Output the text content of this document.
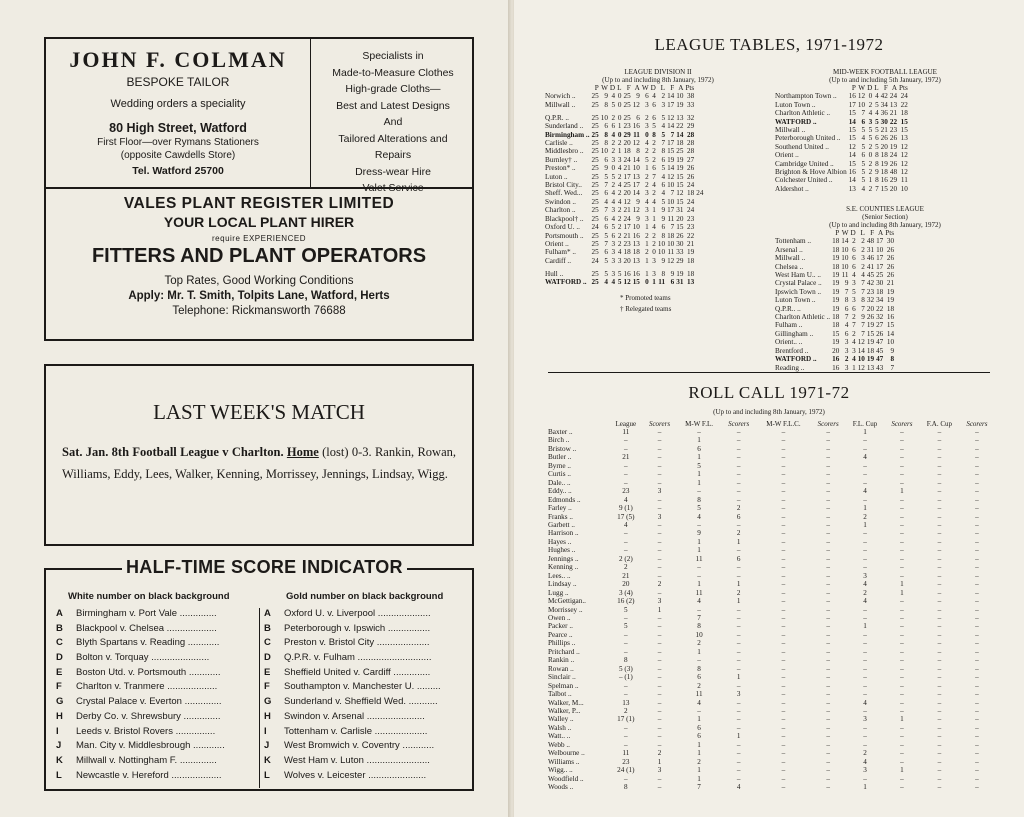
JOHN F. COLMAN
BESPOKE TAILOR
Wedding orders a speciality
80 High Street, Watford
First Floor—over Rymans Stationers
(opposite Cawdells Store)
Tel. Watford 25700
Specialists in
Made-to-Measure Clothes
High-grade Cloths—
Best and Latest Designs
And
Tailored Alterations and
Repairs
Dress-wear Hire
Valet Service
VALES PLANT REGISTER LIMITED
YOUR LOCAL PLANT HIRER
require EXPERIENCED
FITTERS AND PLANT OPERATORS
Top Rates, Good Working Conditions
Apply: Mr. T. Smith, Tolpits Lane, Watford, Herts
Telephone: Rickmansworth 76688
LAST WEEK'S MATCH
Sat. Jan. 8th Football League v Charlton. Home (lost) 0-3. Rankin, Rowan, Williams, Eddy, Lees, Walker, Kenning, Morrissey, Jennings, Lindsay, Wigg.
HALF-TIME SCORE INDICATOR
White number on black background	Gold number on black background
A Birmingham v. Port Vale ..............
B Blackpool v. Chelsea ...................
C Blyth Spartans v. Reading ............
D Bolton v. Torquay ......................
E Boston Utd. v. Portsmouth ............
F Charlton v. Tranmere ...................
G Crystal Palace v. Everton ..............
H Derby Co. v. Shrewsbury ..............
I Leeds v. Bristol Rovers ...............
J Man. City v. Middlesbrough ............
K Millwall v. Nottingham F. ..............
L Newcastle v. Hereford ...................
A Oxford U. v. Liverpool ....................
B Peterborough v. Ipswich ................
C Preston v. Bristol City ....................
D Q.P.R. v. Fulham ............................
E Sheffield United v. Cardiff ..............
F Southampton v. Manchester U. .........
G Sunderland v. Sheffield Wed. ...........
H Swindon v. Arsenal ......................
I Tottenham v. Carlisle ....................
J West Bromwich v. Coventry ............
K West Ham v. Luton ........................
L Wolves v. Leicester ......................
LEAGUE TABLES, 1971-1972
LEAGUE DIVISION II
(Up to and including 8th January, 1972)
	P	W	D	L	F	A	W	D	L	F	A	Pts	
Norwich ..	25	9	4	0	25	9	6	4	2	14	10	38	
Millwall ..	25	8	5	0	25	12	3	6	3	17	19	33	
Q.P.R. ..	25	10	2	0	25	6	2	6	5	12	13	32	
Sunderland ..	25	6	6	1	23	16	3	5	4	14	22	29	
Birmingham ..	25	8	4	0	29	11	0	8	5	7	14	28	
Carlisle ..	25	8	2	2	20	12	4	2	7	17	18	28	
Middlesbro ..	25	10	2	1	18	8	2	2	8	15	25	28	
Burnley† ..	25	6	3	3	24	14	5	2	6	19	19	27	
Preston* ..	25	9	0	4	21	10	1	6	5	14	19	26	
Luton ..	25	5	5	2	17	13	2	7	4	12	15	26	
Bristol City..	25	7	2	4	25	17	2	4	6	10	15	24	
Sheff. Wed...	25	6	4	2	20	14	3	2	4	7	12	18	24
Swindon ..	25	4	4	4	12	9	4	4	5	10	15	24	
Charlton ..	25	7	3	2	21	12	3	1	9	17	31	24	
Blackpool† ..	25	6	4	2	24	9	3	1	9	11	20	23	
Oxford U. ..	24	6	5	2	17	10	1	4	6	7	15	23	
Portsmouth ..	25	5	6	2	21	16	2	2	8	18	26	22	
Orient ..	25	7	3	2	23	13	1	2	10	10	30	21	
Fulham* ..	25	6	3	4	18	18	2	0	10	11	33	19	
Cardiff ..	24	5	3	3	20	13	1	3	9	12	29	18	
Hull ..	25	5	3	5	16	16	1	3	8	9	19	18	
WATFORD ..	25	4	4	5	12	15	0	1	11	6	31	13	
* Promoted teams
† Relegated teams
MID-WEEK FOOTBALL LEAGUE
(Up to and including 5th January, 1972)
	P	W	D	L	F	A	Pts
Northampton Town ..	16	12	0	4	42	24	24
Luton Town ..	17	10	2	5	34	13	22
Charlton Athletic ..	15	7	4	4	36	21	18
WATFORD ..	14	6	3	5	30	22	15
Millwall ..	15	5	5	5	21	23	15
Peterborough United ..	15	4	5	6	26	26	13
Southend United ..	12	5	2	5	20	19	12
Orient ..	14	6	0	8	18	24	12
Cambridge United ..	15	5	2	8	19	26	12
Brighton & Hove Albion	16	5	2	9	18	48	12
Colchester United ..	14	5	1	8	16	29	11
Aldershot ..	13	4	2	7	15	20	10
S.E. COUNTIES LEAGUE
(Senior Section)
(Up to and including 8th January, 1972)
	P	W	D	L	F	A	Pts
Tottenham ..	18	14	2	2	48	17	30
Arsenal ..	18	10	6	2	31	10	26
Millwall ..	19	10	6	3	46	17	26
Chelsea ..	18	10	6	2	41	17	26
West Ham U.. ..	19	11	4	4	45	25	26
Crystal Palace ..	19	9	3	7	42	30	21
Ipswich Town ..	19	7	5	7	23	18	19
Luton Town ..	19	8	3	8	32	34	19
Q.P.R.. ..	19	6	6	7	20	22	18
Charlton Athletic ..	18	7	2	9	26	32	16
Fulham ..	18	4	7	7	19	27	15
Gillingham ..	15	6	2	7	15	26	14
Orient.. ..	19	3	4	12	19	47	10
Brentford ..	20	3	3	14	18	45	9
WATFORD ..	16	2	4	10	19	47	8
Reading ..	16	3	1	12	13	43	7
ROLL CALL 1971-72
(Up to and including 8th January, 1972)
	League	Scorers	M-W F.L.	Scorers	M-W F.L.C.	Scorers	F.L. Cup	Scorers	F.A. Cup	Scorers
Baxter ..	11	–	–	–	–	–	1	–	–	–
Birch ..	–	–	1	–	–	–	–	–	–	–
Bristow ..	–	–	6	–	–	–	–	–	–	–
Butler ..	21	–	1	–	–	–	4	–	–	–
Byrne ..	–	–	5	–	–	–	–	–	–	–
Curtis ..	–	–	1	–	–	–	–	–	–	–
Dale.. ..	–	–	1	–	–	–	–	–	–	–
Eddy.. ..	23	3	–	–	–	–	4	1	–	–
Edmonds ..	4	–	8	–	–	–	–	–	–	–
Farley ..	9 (1)	–	5	2	–	–	1	–	–	–
Franks ..	17 (5)	3	4	6	–	–	2	–	–	–
Garbett ..	4	–	–	–	–	–	1	–	–	–
Harrison ..	–	–	9	2	–	–	–	–	–	–
Hayes ..	–	–	1	1	–	–	–	–	–	–
Hughes ..	–	–	1	–	–	–	–	–	–	–
Jennings ..	2 (2)	–	11	6	–	–	–	–	–	–
Kenning ..	2	–	–	–	–	–	–	–	–	–
Lees.. ..	21	–	–	–	–	–	3	–	–	–
Lindsay ..	20	2	1	1	–	–	4	1	–	–
Lugg ..	3 (4)	–	11	2	–	–	2	1	–	–
McGettigan..	16 (2)	3	4	1	–	–	4	–	–	–
Morrissey ..	5	1	–	–	–	–	–	–	–	–
Owen ..	–	–	7	–	–	–	–	–	–	–
Packer ..	5	–	8	–	–	–	1	–	–	–
Pearce ..	–	–	10	–	–	–	–	–	–	–
Phillips ..	–	–	2	–	–	–	–	–	–	–
Pritchard ..	–	–	1	–	–	–	–	–	–	–
Rankin ..	8	–	–	–	–	–	–	–	–	–
Rowan ..	5 (3)	–	8	–	–	–	–	–	–	–
Sinclair ..	– (1)	–	6	1	–	–	–	–	–	–
Spelman ..	–	–	2	–	–	–	–	–	–	–
Talbot ..	–	–	11	3	–	–	–	–	–	–
Walker, M...	13	–	4	–	–	–	4	–	–	–
Walker, P...	2	–	–	–	–	–	–	–	–	–
Walley ..	17 (1)	–	1	–	–	–	3	1	–	–
Walsh ..	–	–	6	–	–	–	–	–	–	–
Watt.. ..	–	–	6	1	–	–	–	–	–	–
Webb ..	–	–	1	–	–	–	–	–	–	–
Welbourne ..	11	2	1	–	–	–	2	–	–	–
Williams ..	23	1	2	–	–	–	4	–	–	–
Wigg.. ..	24 (1)	3	1	–	–	–	3	1	–	–
Woodfield ..	–	–	1	–	–	–	–	–	–	–
Woods ..	8	–	7	4	–	–	1	–	–	–
